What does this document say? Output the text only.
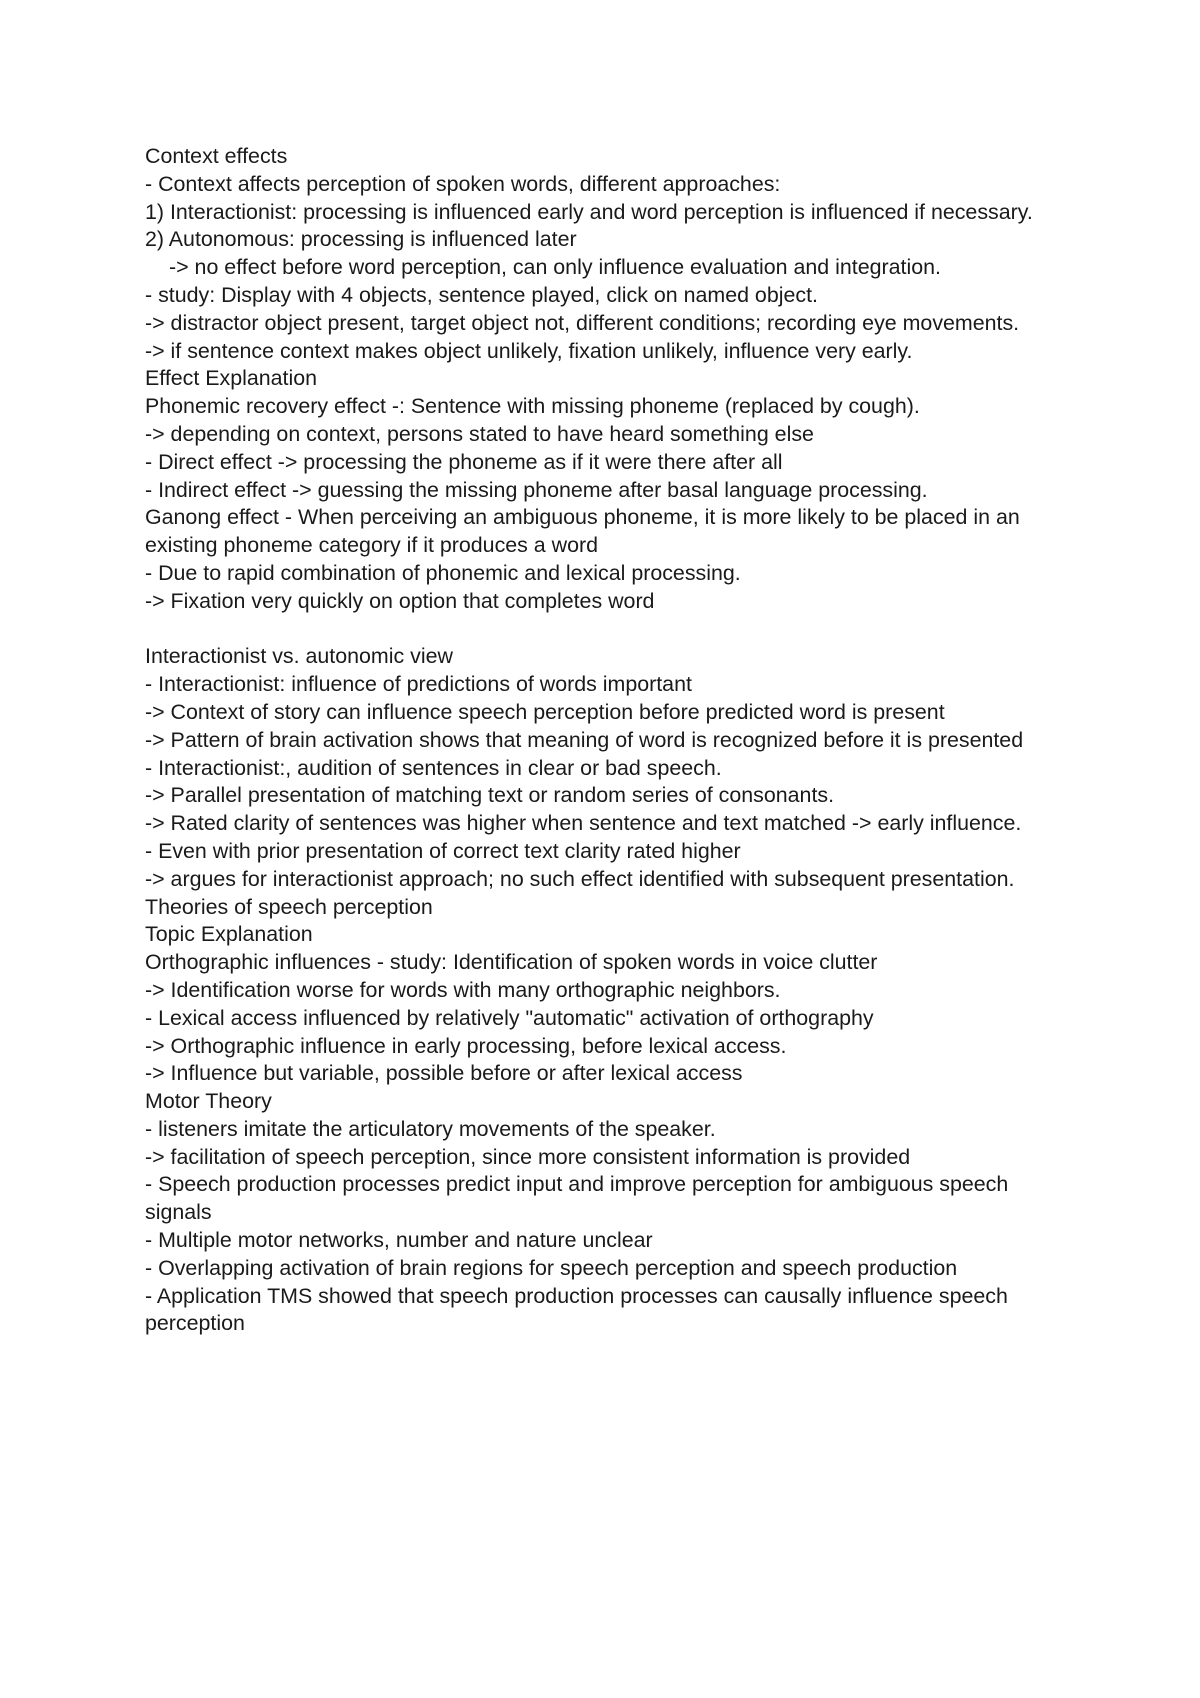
Context effects
- Context affects perception of spoken words, different approaches:
1) Interactionist: processing is influenced early and word perception is influenced if necessary.
2) Autonomous: processing is influenced later
-> no effect before word perception, can only influence evaluation and integration.
- study: Display with 4 objects, sentence played, click on named object.
-> distractor object present, target object not, different conditions; recording eye movements.
-> if sentence context makes object unlikely, fixation unlikely, influence very early.
Effect Explanation
Phonemic recovery effect -: Sentence with missing phoneme (replaced by cough).
-> depending on context, persons stated to have heard something else
- Direct effect -> processing the phoneme as if it were there after all
- Indirect effect -> guessing the missing phoneme after basal language processing.
Ganong effect - When perceiving an ambiguous phoneme, it is more likely to be placed in an existing phoneme category if it produces a word
- Due to rapid combination of phonemic and lexical processing.
-> Fixation very quickly on option that completes word
Interactionist vs. autonomic view
- Interactionist: influence of predictions of words important
-> Context of story can influence speech perception before predicted word is present
-> Pattern of brain activation shows that meaning of word is recognized before it is presented
- Interactionist:, audition of sentences in clear or bad speech.
-> Parallel presentation of matching text or random series of consonants.
-> Rated clarity of sentences was higher when sentence and text matched -> early influence.
- Even with prior presentation of correct text clarity rated higher
-> argues for interactionist approach; no such effect identified with subsequent presentation.
Theories of speech perception
Topic Explanation
Orthographic influences - study: Identification of spoken words in voice clutter
-> Identification worse for words with many orthographic neighbors.
- Lexical access influenced by relatively "automatic" activation of orthography
-> Orthographic influence in early processing, before lexical access.
-> Influence but variable, possible before or after lexical access
Motor Theory
- listeners imitate the articulatory movements of the speaker.
-> facilitation of speech perception, since more consistent information is provided
- Speech production processes predict input and improve perception for ambiguous speech signals
- Multiple motor networks, number and nature unclear
- Overlapping activation of brain regions for speech perception and speech production
- Application TMS showed that speech production processes can causally influence speech perception
